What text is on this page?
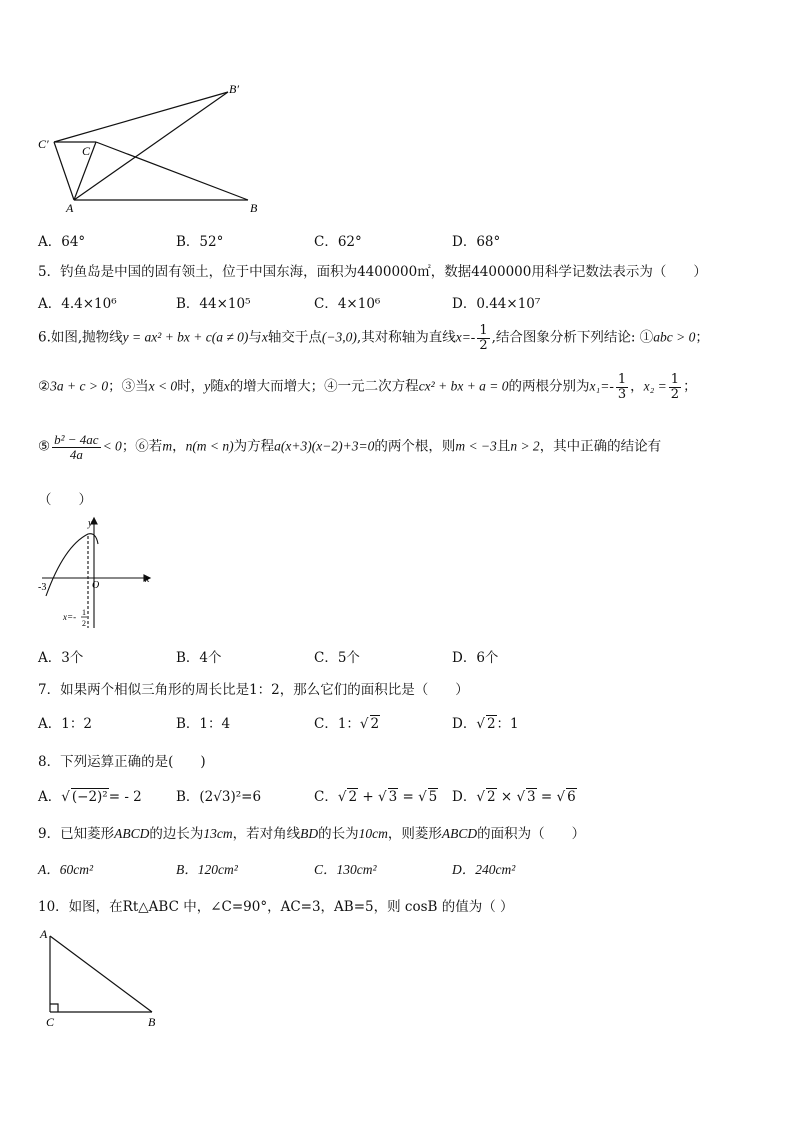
B′
C′	C
A	B
A．64°	B．52°	C．62°	D．68°
5．钓鱼岛是中国的固有领土，位于中国东海，面积为4400000㎡，数据4400000用科学记数法表示为（　　）
A．4.4×10⁶	B．44×10⁵	C．4×10⁶	D．0.44×10⁷
6.如图,抛物线y = ax² + bx + c(a ≠ 0)与x轴交于点(−3,0),其对称轴为直线$x=- \frac{1}{2}$ ,结合图象分析下列结论: ①abc > 0；
②3a + c > 0；③当x < 0时，y随x的增大而增大；④一元二次方程cx² + bx + a = 0的两根分别为$x_1=- \frac{1}{3}$ ，$x_2 = \frac{1}{2}$ ；
⑤ $\frac{\text{b² − 4ac}}{4a} < 0$；⑥若m，n(m < n)为方程a(x+3)(x−2)+3=0的两个根，则m < −3且n > 2，其中正确的结论有
（　　）
y
x
O
-3
x=- 1
2
A．3个	B．4个	C．5个	D．6个
7．如果两个相似三角形的周长比是1：2，那么它们的面积比是（　　）
A．1：2	B．1：4	C．1：√ 2	D．√ 2：1
8．下列运算正确的是(　　)
A．√ (−2)²= - 2	B．(2√3)²=6	C．√ 2 + √ 3 = √ 5 D．√ 2 × √ 3 = √ 6
9．已知菱形ABCD的边长为13cm，若对角线BD的长为10cm，则菱形ABCD的面积为（　　）
A．60cm²	B．120cm²	C．130cm²	D．240cm²
10．如图，在Rt△ABC 中，∠C=90°，AC=3，AB=5，则 cosB 的值为（ ）
A
C	B
